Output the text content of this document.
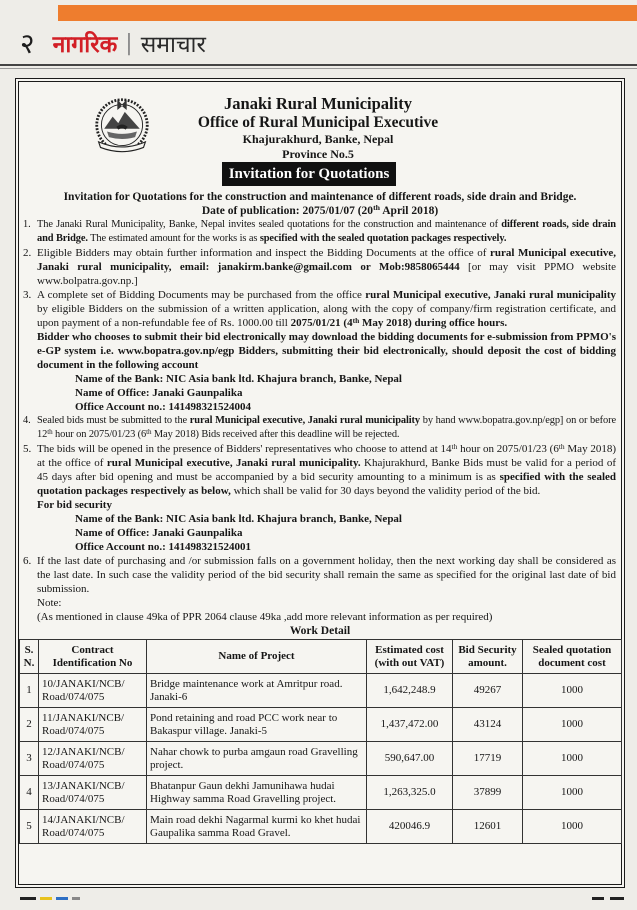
२ नागरिक | समाचार
Janaki Rural Municipality
Office of Rural Municipal Executive
Khajurakhurd, Banke, Nepal
Province No.5
Invitation for Quotations
Invitation for Quotations for the construction and maintenance of different roads, side drain and Bridge.
Date of publication: 2075/01/07 (20th April 2018)
1. The Janaki Rural Municipality, Banke, Nepal invites sealed quotations for the construction and maintenance of different roads, side drain and Bridge. The estimated amount for the works is as specified with the sealed quotation packages respectively.
2. Eligible Bidders may obtain further information and inspect the Bidding Documents at the office of rural Municipal executive, Janaki rural municipality, email: janakirm.banke@gmail.com or Mob:9858065444 [or may visit PPMO website www.bolpatra.gov.np.]
3. A complete set of Bidding Documents may be purchased from the office rural Municipal executive, Janaki rural municipality by eligible Bidders on the submission of a written application, along with the copy of company/firm registration certificate, and upon payment of a non-refundable fee of Rs. 1000.00 till 2075/01/21 (4th May 2018) during office hours.
Bidder who chooses to submit their bid electronically may download the bidding documents for e-submission from PPMO's e-GP system i.e. www.bopatra.gov.np/egp Bidders, submitting their bid electronically, should deposit the cost of bidding document in the following account
Name of the Bank: NIC Asia bank ltd. Khajura branch, Banke, Nepal
Name of Office: Janaki Gaunpalika
Office Account no.: 141498321524004
4. Sealed bids must be submitted to the rural Municipal executive, Janaki rural municipality by hand www.bopatra.gov.np/egp] on or before 12th hour on 2075/01/23 (6th May 2018) Bids received after this deadline will be rejected.
5. The bids will be opened in the presence of Bidders' representatives who choose to attend at 14th hour on 2075/01/23 (6th May 2018) at the office of rural Municipal executive, Janaki rural municipality. Khajurakhurd, Banke Bids must be valid for a period of 45 days after bid opening and must be accompanied by a bid security amounting to a minimum is as specified with the sealed quotation packages respectively as below, which shall be valid for 30 days beyond the validity period of the bid.
For bid security
Name of the Bank: NIC Asia bank ltd. Khajura branch, Banke, Nepal
Name of Office: Janaki Gaunpalika
Office Account no.: 141498321524001
6. If the last date of purchasing and /or submission falls on a government holiday, then the next working day shall be considered as the last date. In such case the validity period of the bid security shall remain the same as specified for the original last date of bid submission.
Note:
(As mentioned in clause 49ka of PPR 2064 clause 49ka ,add more relevant information as per required)
Work Detail
S. N.	Contract Identification No	Name of Project	Estimated cost (with out VAT)	Bid Security amount.	Sealed quotation document cost
1	10/JANAKI/NCB/ Road/074/075	Bridge maintenance work at Amritpur road. Janaki-6	1,642,248.9	49267	1000
2	11/JANAKI/NCB/ Road/074/075	Pond retaining and road PCC work near to Bakaspur village. Janaki-5	1,437,472.00	43124	1000
3	12/JANAKI/NCB/ Road/074/075	Nahar chowk to purba amgaun road Gravelling project.	590,647.00	17719	1000
4	13/JANAKI/NCB/ Road/074/075	Bhatanpur Gaun dekhi Jamunihawa hudai Highway samma Road Gravelling project.	1,263,325.0	37899	1000
5	14/JANAKI/NCB/ Road/074/075	Main road dekhi Nagarmal kurmi ko khet hudai Gaupalika samma Road Gravel.	420046.9	12601	1000
